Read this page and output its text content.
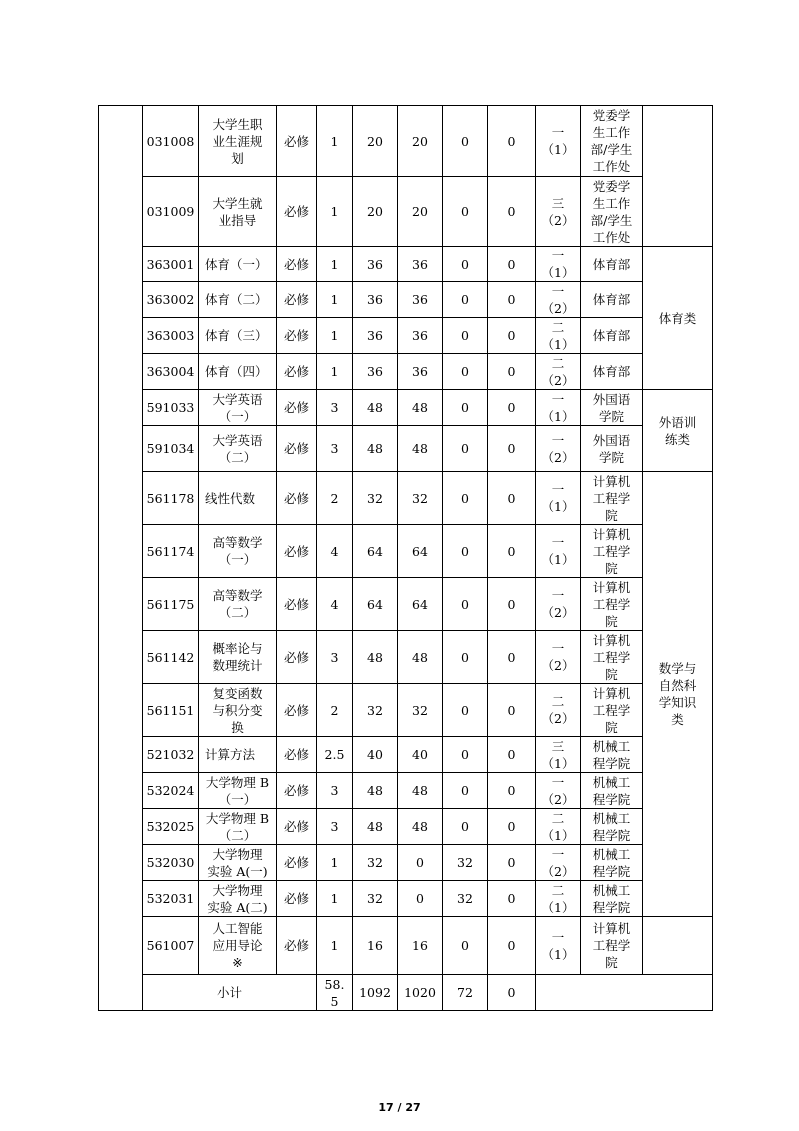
	031008	大学生职
业生涯规
划	必修	1	20	20	0	0	一
（1）	党委学
生工作
部/学生
工作处	
	031009	大学生就
业指导	必修	1	20	20	0	0	三
（2）	党委学
生工作
部/学生
工作处	
	363001	体育（一）	必修	1	36	36	0	0	一
（1）	体育部	体育类
	363002	体育（二）	必修	1	36	36	0	0	一
（2）	体育部	
	363003	体育（三）	必修	1	36	36	0	0	二
（1）	体育部	
	363004	体育（四）	必修	1	36	36	0	0	二
（2）	体育部	
	591033	大学英语
（一）	必修	3	48	48	0	0	一
（1）	外国语
学院	外语训
练类
	591034	大学英语
（二）	必修	3	48	48	0	0	一
（2）	外国语
学院	
	561178	线性代数	必修	2	32	32	0	0	一
（1）	计算机
工程学
院	数学与
自然科
学知识
类
	561174	高等数学
（一）	必修	4	64	64	0	0	一
（1）	计算机
工程学
院	
	561175	高等数学
（二）	必修	4	64	64	0	0	一
（2）	计算机
工程学
院	
	561142	概率论与
数理统计	必修	3	48	48	0	0	一
（2）	计算机
工程学
院	
	561151	复变函数
与积分变
换	必修	2	32	32	0	0	二
（2）	计算机
工程学
院	
	521032	计算方法	必修	2.5	40	40	0	0	三
（1）	机械工
程学院	
	532024	大学物理 B
（一）	必修	3	48	48	0	0	一
（2）	机械工
程学院	
	532025	大学物理 B
（二）	必修	3	48	48	0	0	二
（1）	机械工
程学院	
	532030	大学物理
实验 A(一)	必修	1	32	0	32	0	一
（2）	机械工
程学院	
	532031	大学物理
实验 A(二)	必修	1	32	0	32	0	二
（1）	机械工
程学院	
	561007	人工智能
应用导论
※	必修	1	16	16	0	0	一
（1）	计算机
工程学
院	
	小计			58.
5	1092	1020	72	0			
17 / 27
